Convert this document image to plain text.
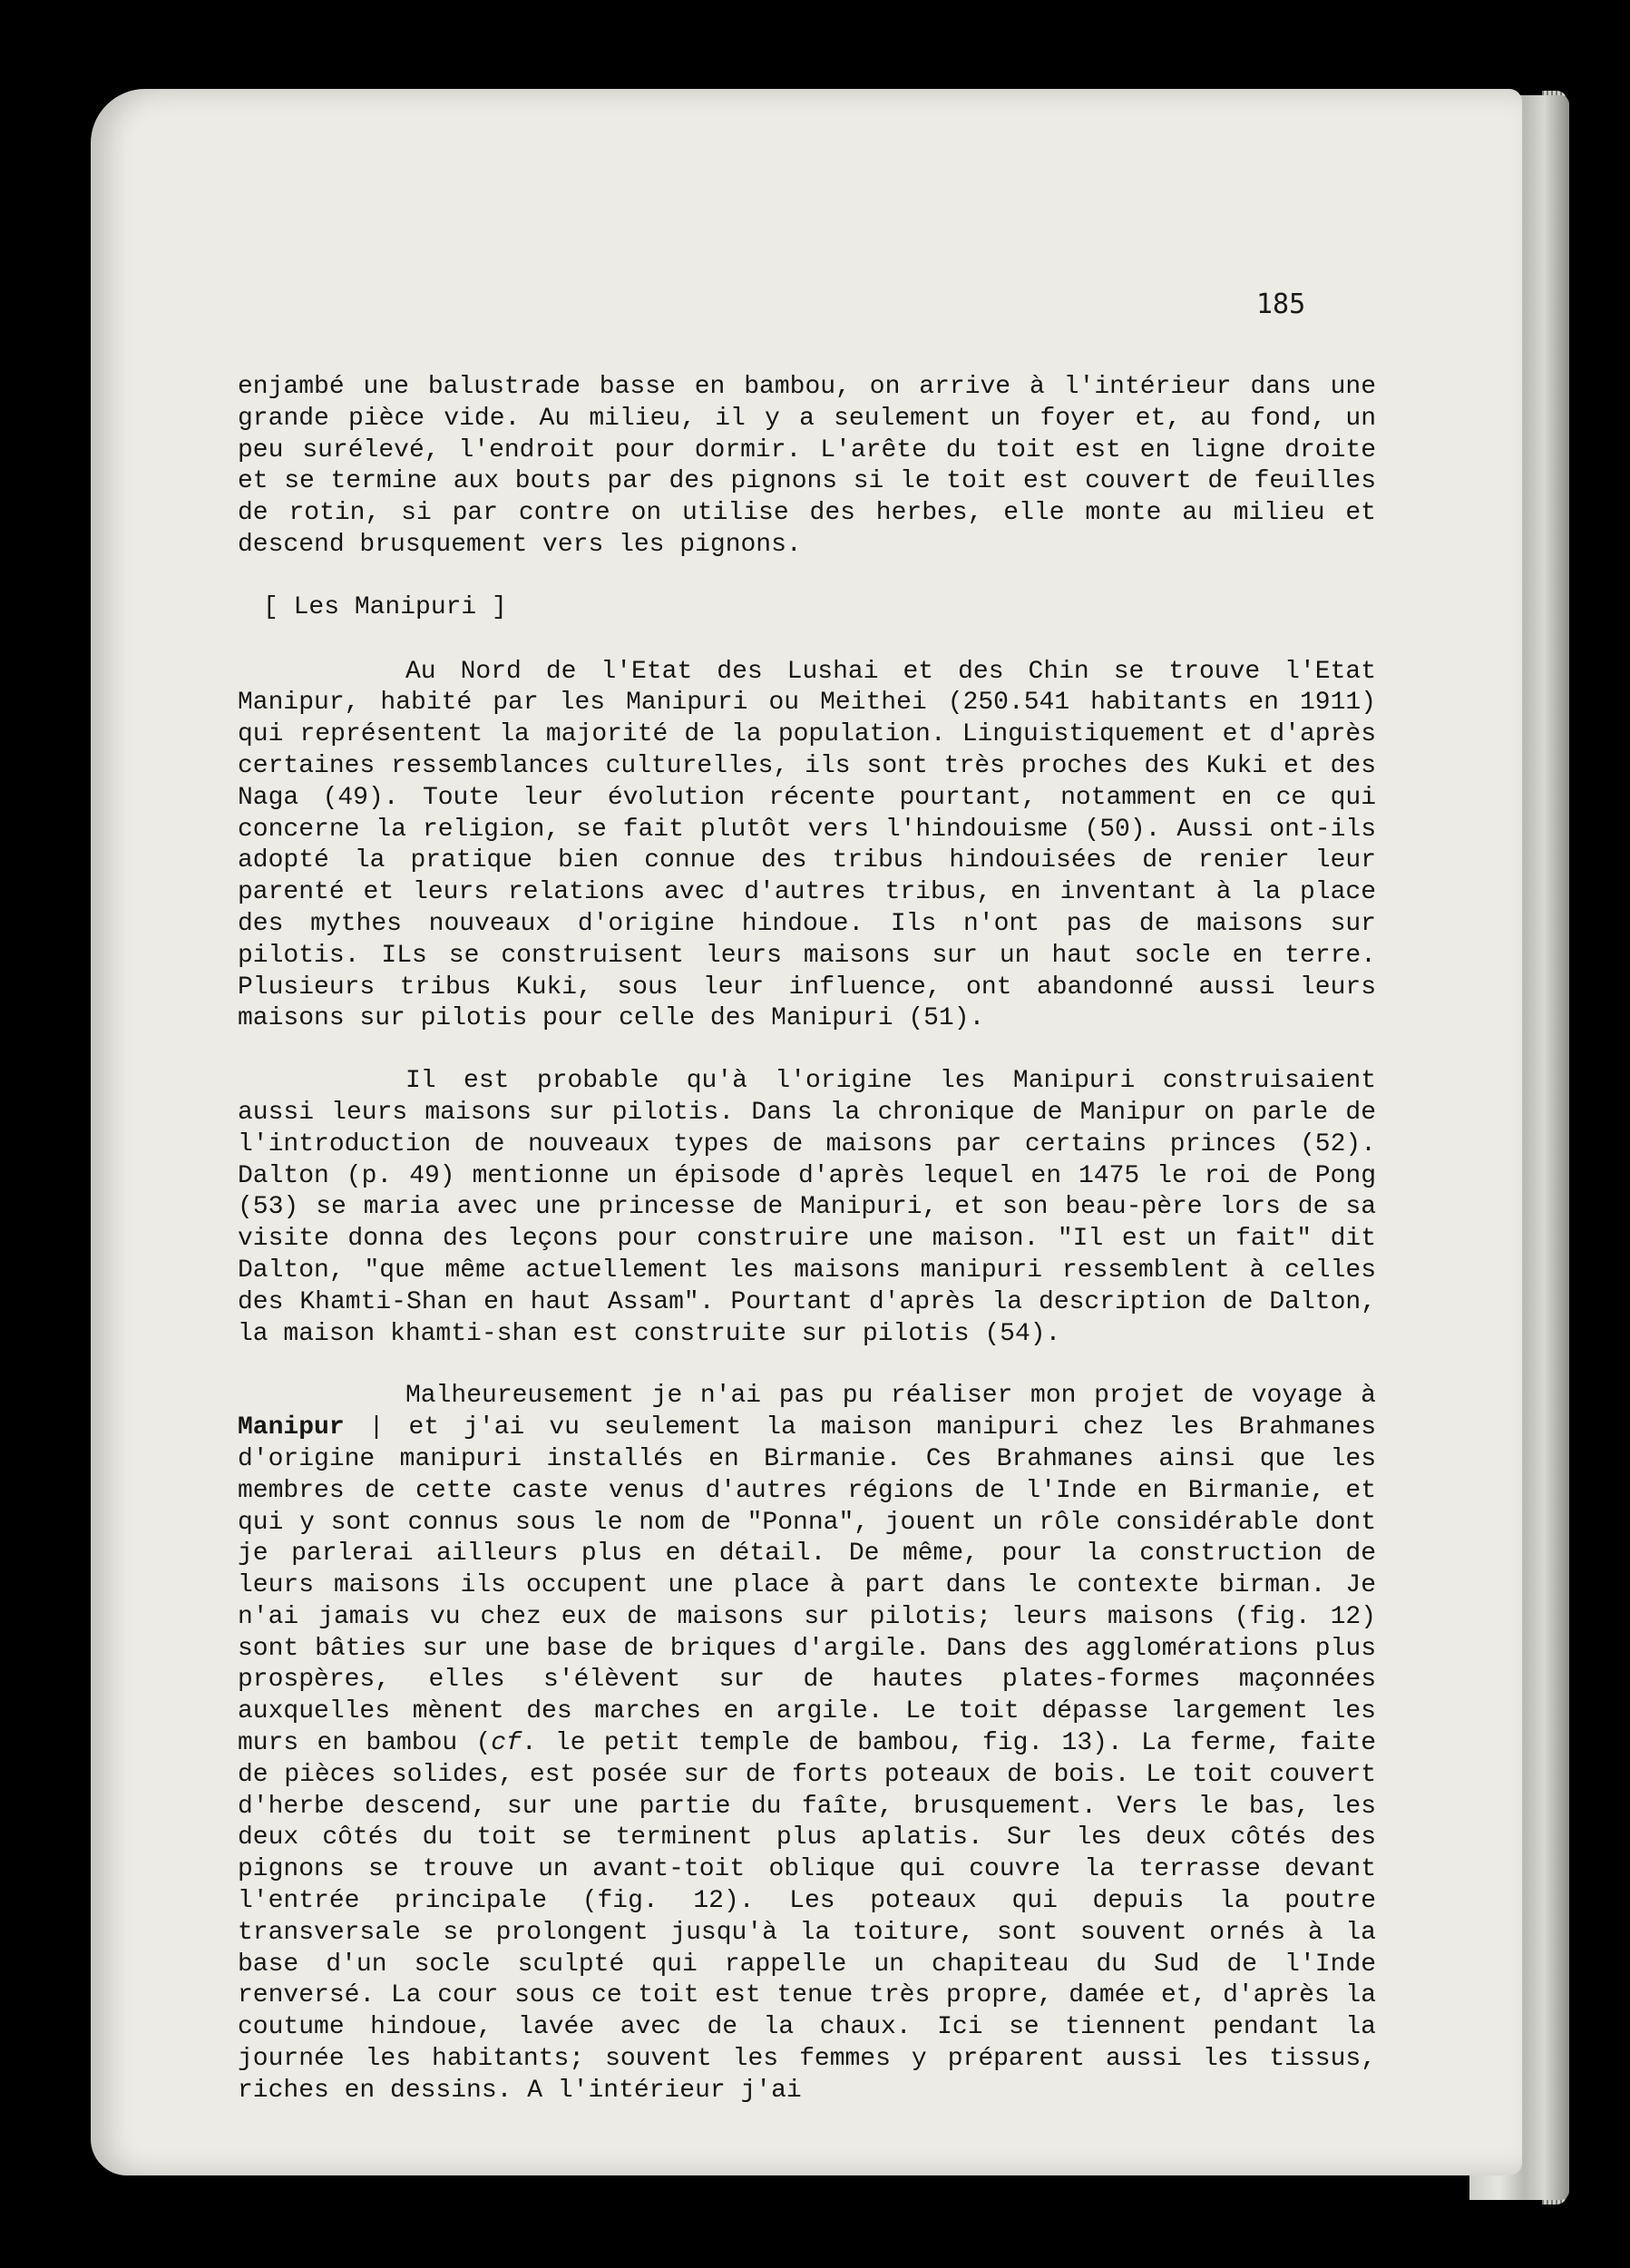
185

enjambé une balustrade basse en bambou, on arrive à l'intérieur dans une grande pièce vide. Au milieu, il y a seulement un foyer et, au fond, un peu surélevé, l'endroit pour dormir. L'arête du toit est en ligne droite et se termine aux bouts par des pignons si le toit est couvert de feuilles de rotin, si par contre on utilise des herbes, elle monte au milieu et descend brusquement vers les pignons.

[ Les Manipuri ]

Au Nord de l'Etat des Lushai et des Chin se trouve l'Etat Manipur, habité par les Manipuri ou Meithei (250.541 habitants en 1911) qui représentent la majorité de la population. Linguistiquement et d'après certaines ressemblances culturelles, ils sont très proches des Kuki et des Naga (49). Toute leur évolution récente pourtant, notamment en ce qui concerne la religion, se fait plutôt vers l'hindouisme (50). Aussi ont-ils adopté la pratique bien connue des tribus hindouisées de renier leur parenté et leurs relations avec d'autres tribus, en inventant à la place des mythes nouveaux d'origine hindoue. Ils n'ont pas de maisons sur pilotis. ILs se construisent leurs maisons sur un haut socle en terre. Plusieurs tribus Kuki, sous leur influence, ont abandonné aussi leurs maisons sur pilotis pour celle des Manipuri (51).

Il est probable qu'à l'origine les Manipuri construisaient aussi leurs maisons sur pilotis. Dans la chronique de Manipur on parle de l'introduction de nouveaux types de maisons par certains princes (52). Dalton (p. 49) mentionne un épisode d'après lequel en 1475 le roi de Pong (53) se maria avec une princesse de Manipuri, et son beau-père lors de sa visite donna des leçons pour construire une maison. "Il est un fait" dit Dalton, "que même actuellement les maisons manipuri ressemblent à celles des Khamti-Shan en haut Assam". Pourtant d'après la description de Dalton, la maison khamti-shan est construite sur pilotis (54).

Malheureusement je n'ai pas pu réaliser mon projet de voyage à Manipur | et j'ai vu seulement la maison manipuri chez les Brahmanes d'origine manipuri installés en Birmanie. Ces Brahmanes ainsi que les membres de cette caste venus d'autres régions de l'Inde en Birmanie, et qui y sont connus sous le nom de "Ponna", jouent un rôle considérable dont je parlerai ailleurs plus en détail. De même, pour la construction de leurs maisons ils occupent une place à part dans le contexte birman. Je n'ai jamais vu chez eux de maisons sur pilotis; leurs maisons (fig. 12) sont bâties sur une base de briques d'argile. Dans des agglomérations plus prospères, elles s'élèvent sur de hautes plates-formes maçonnées auxquelles mènent des marches en argile. Le toit dépasse largement les murs en bambou (cf. le petit temple de bambou, fig. 13). La ferme, faite de pièces solides, est posée sur de forts poteaux de bois. Le toit couvert d'herbe descend, sur une partie du faîte, brusquement. Vers le bas, les deux côtés du toit se terminent plus aplatis. Sur les deux côtés des pignons se trouve un avant-toit oblique qui couvre la terrasse devant l'entrée principale (fig. 12). Les poteaux qui depuis la poutre transversale se prolongent jusqu'à la toiture, sont souvent ornés à la base d'un socle sculpté qui rappelle un chapiteau du Sud de l'Inde renversé. La cour sous ce toit est tenue très propre, damée et, d'après la coutume hindoue, lavée avec de la chaux. Ici se tiennent pendant la journée les habitants; souvent les femmes y préparent aussi les tissus, riches en dessins. A l'intérieur j'ai
